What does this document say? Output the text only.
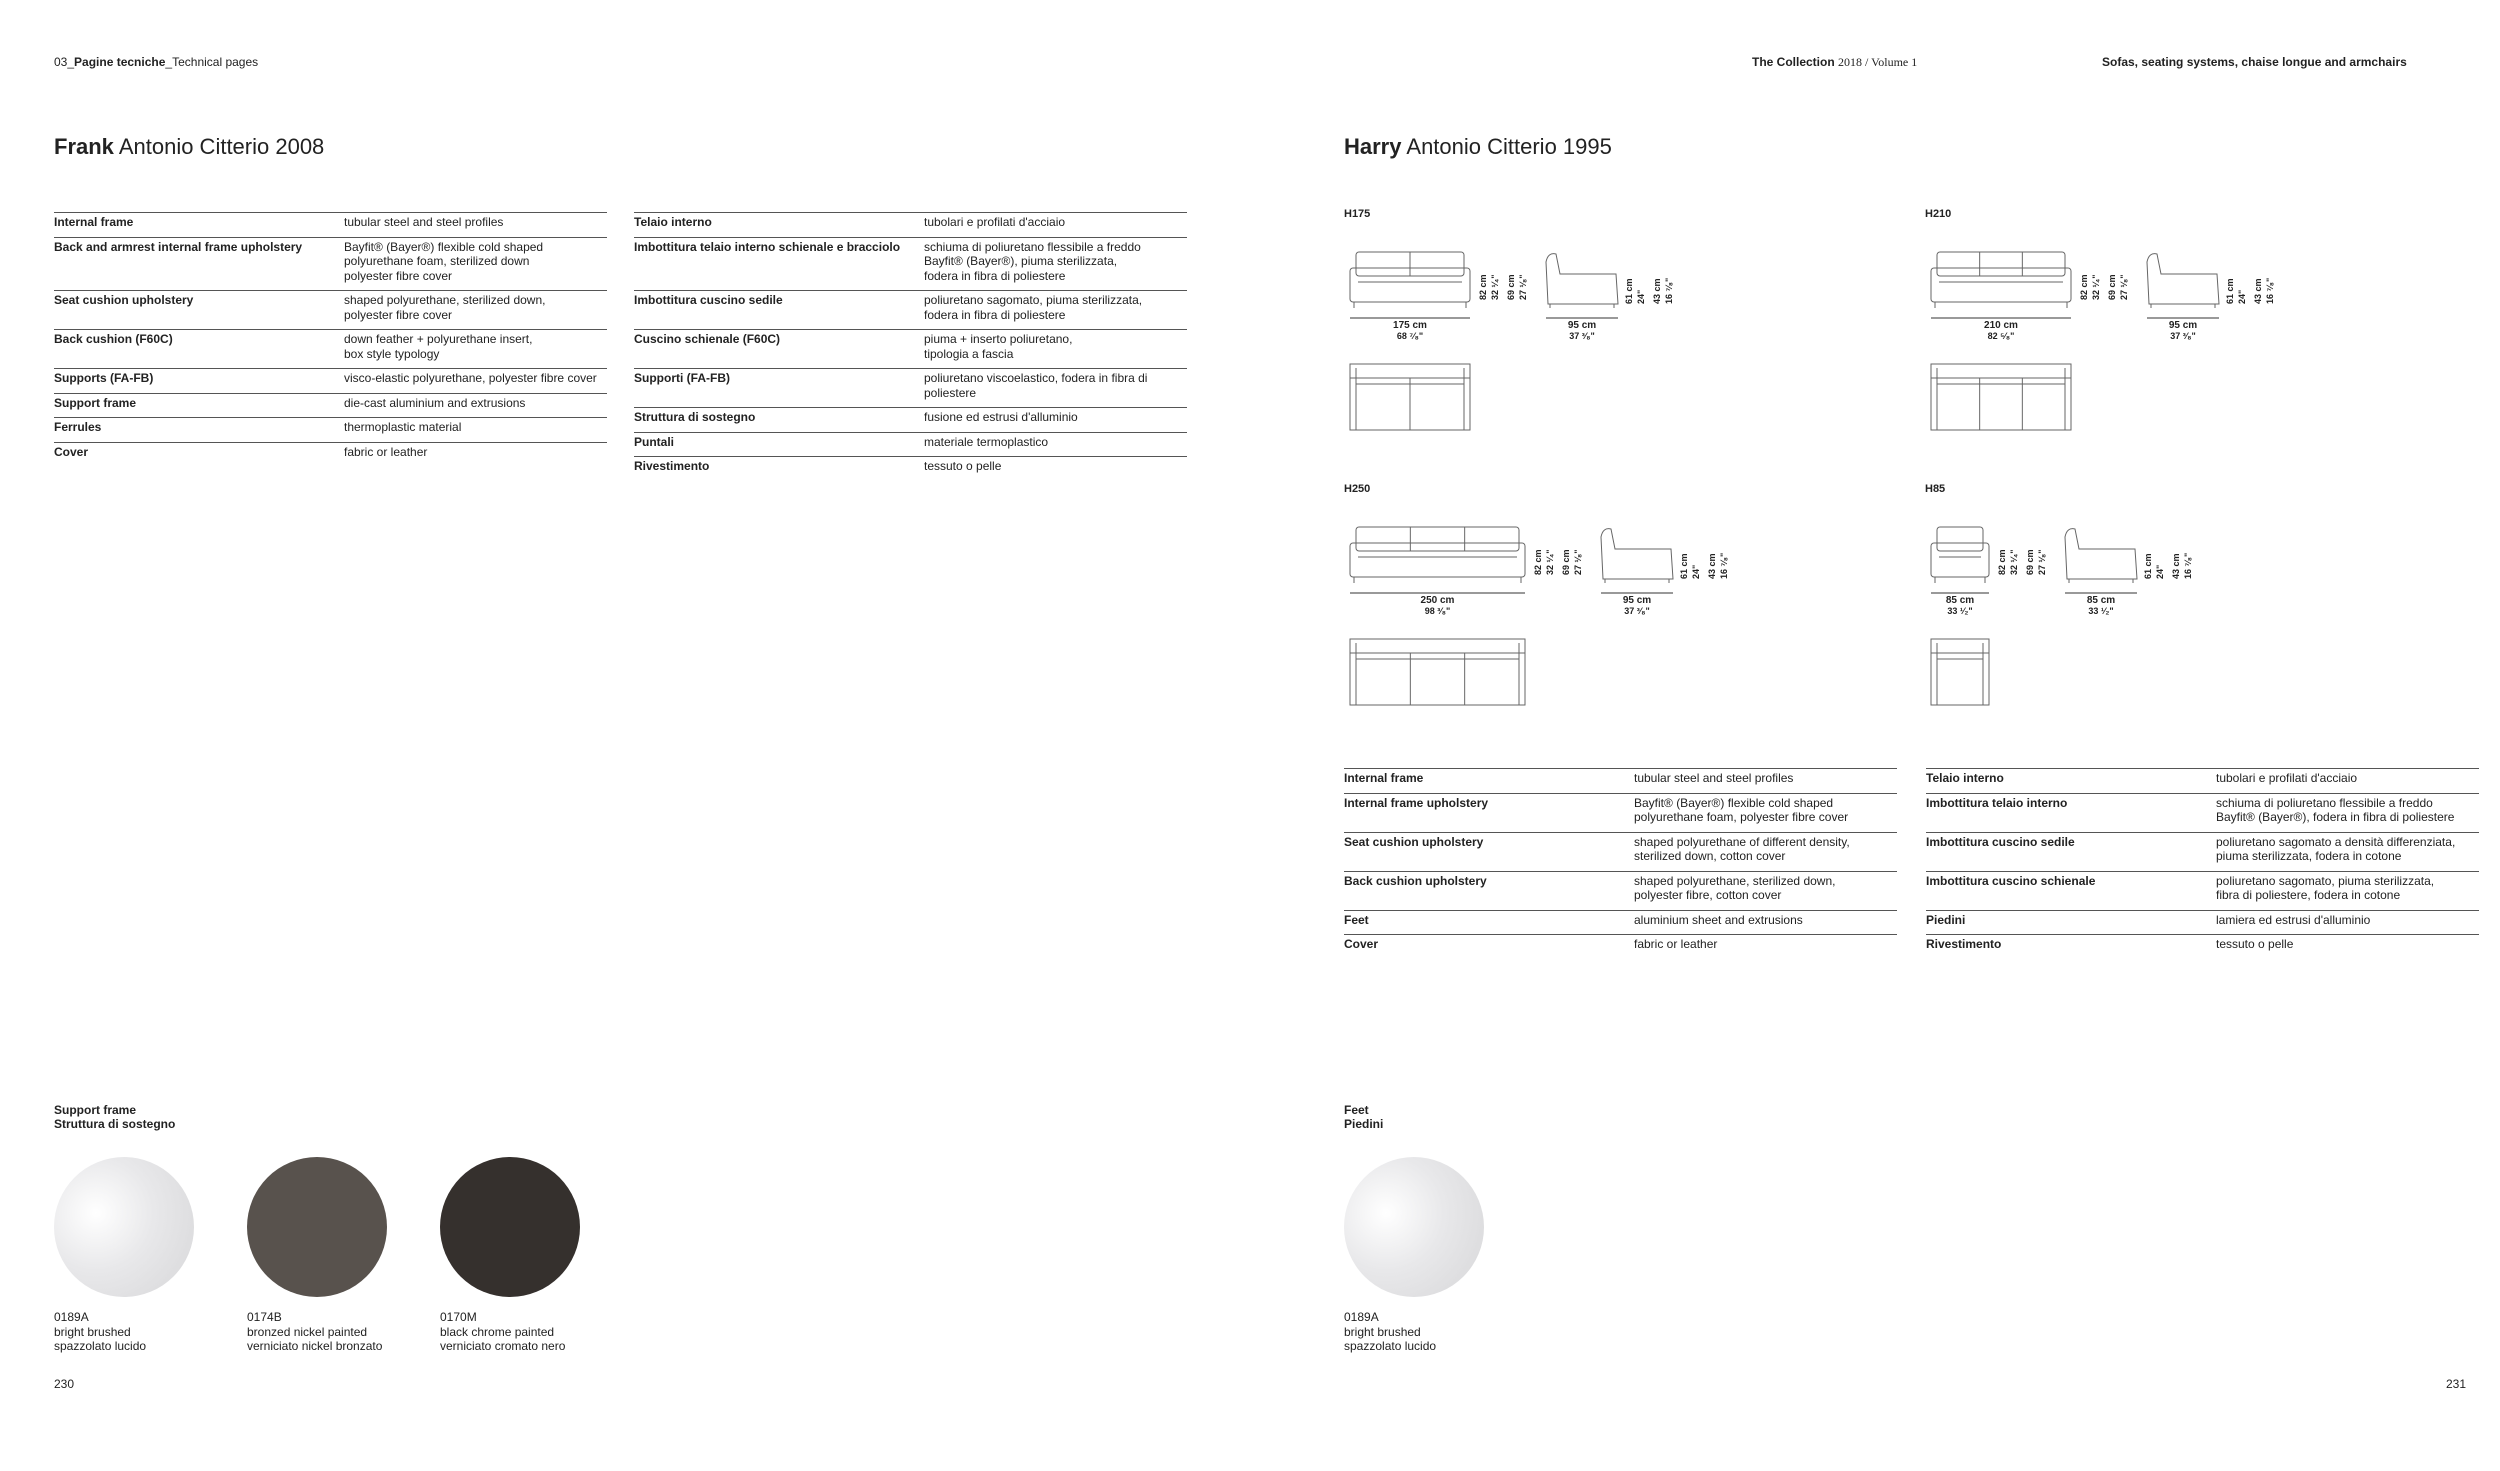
03_Pagine tecniche_Technical pages	The Collection 2018 / Volume 1	Sofas, seating systems, chaise longue and armchairs
Frank Antonio Citterio 2008
Internal frame	tubular steel and steel profiles
Back and armrest internal frame upholstery	Bayfit® (Bayer®) flexible cold shaped
polyurethane foam, sterilized down
polyester fibre cover
Seat cushion upholstery	shaped polyurethane, sterilized down,
polyester fibre cover
Back cushion (F60C)	down feather + polyurethane insert,
box style typology
Supports (FA-FB)	visco-elastic polyurethane, polyester fibre cover
Support frame	die-cast aluminium and extrusions
Ferrules	thermoplastic material
Cover	fabric or leather
Telaio interno	tubolari e profilati d'acciaio
Imbottitura telaio interno schienale e bracciolo	schiuma di poliuretano flessibile a freddo
Bayfit® (Bayer®), piuma sterilizzata,
fodera in fibra di poliestere
Imbottitura cuscino sedile	poliuretano sagomato, piuma sterilizzata,
fodera in fibra di poliestere
Cuscino schienale (F60C)	piuma + inserto poliuretano,
tipologia a fascia
Supporti (FA-FB)	poliuretano viscoelastico, fodera in fibra di poliestere
Struttura di sostegno	fusione ed estrusi d'alluminio
Puntali	materiale termoplastico
Rivestimento	tessuto o pelle
Support frame
Struttura di sostegno
0189A
bright brushed
spazzolato lucido
0174B
bronzed nickel painted
verniciato nickel bronzato
0170M
black chrome painted
verniciato cromato nero
230
Harry Antonio Citterio 1995
H175
175 cm
68 ⁷⁄₈"
82 cm 32 ¹⁄₄" 69 cm 27 ¹⁄₈"
95 cm
37 ³⁄₈"
61 cm 24" 43 cm 16 ⁷⁄₈"
H210
210 cm
82 ⁵⁄₈"
82 cm 32 ¹⁄₄" 69 cm 27 ¹⁄₈"
95 cm
37 ³⁄₈"
61 cm 24" 43 cm 16 ⁷⁄₈"
H250
250 cm
98 ³⁄₈"
82 cm 32 ¹⁄₄" 69 cm 27 ¹⁄₈"
95 cm
37 ³⁄₈"
61 cm 24" 43 cm 16 ⁷⁄₈"
H85
85 cm
33 ¹⁄₂"
82 cm 32 ¹⁄₄" 69 cm 27 ¹⁄₈"
85 cm
33 ¹⁄₂"
61 cm 24" 43 cm 16 ⁷⁄₈"
Internal frame	tubular steel and steel profiles
Internal frame upholstery	Bayfit® (Bayer®) flexible cold shaped
polyurethane foam, polyester fibre cover
Seat cushion upholstery	shaped polyurethane of different density,
sterilized down, cotton cover
Back cushion upholstery	shaped polyurethane, sterilized down,
polyester fibre, cotton cover
Feet	aluminium sheet and extrusions
Cover	fabric or leather
Telaio interno	tubolari e profilati d'acciaio
Imbottitura telaio interno	schiuma di poliuretano flessibile a freddo
Bayfit® (Bayer®), fodera in fibra di poliestere
Imbottitura cuscino sedile	poliuretano sagomato a densità differenziata,
piuma sterilizzata, fodera in cotone
Imbottitura cuscino schienale	poliuretano sagomato, piuma sterilizzata,
fibra di poliestere, fodera in cotone
Piedini	lamiera ed estrusi d'alluminio
Rivestimento	tessuto o pelle
Feet
Piedini
0189A
bright brushed
spazzolato lucido
231
